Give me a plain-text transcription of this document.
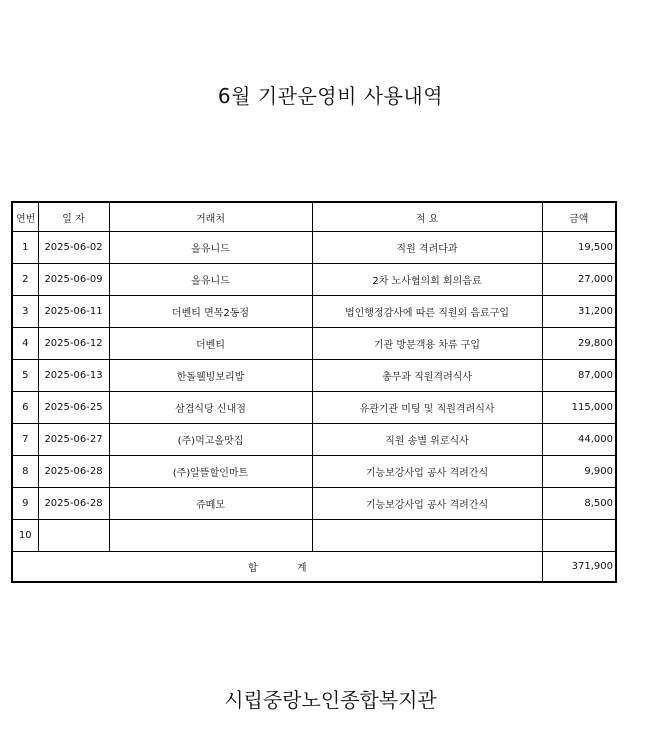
6월 기관운영비 사용내역
연번	일 자	거래처	적 요	금액
1	2025-06-02	올유니드	직원 격려다과	19,500
2	2025-06-09	올유니드	2차 노사협의회 회의음료	27,000
3	2025-06-11	더벤티 면목2동점	법인행정감사에 따른 직원외 음료구입	31,200
4	2025-06-12	더벤티	기관 방문객용 차류 구입	29,800
5	2025-06-13	한돌웰빙보리밥	총무과 직원격려식사	87,000
6	2025-06-25	삼겹식당 신내점	유관기관 미팅 및 직원격려식사	115,000
7	2025-06-27	(주)먹고올맛집	직원 송별 위로식사	44,000
8	2025-06-28	(주)알뜰할인마트	기능보강사업 공사 격려간식	9,900
9	2025-06-28	쥬떼모	기능보강사업 공사 격려간식	8,500
10				
합 계				371,900
시립중랑노인종합복지관
